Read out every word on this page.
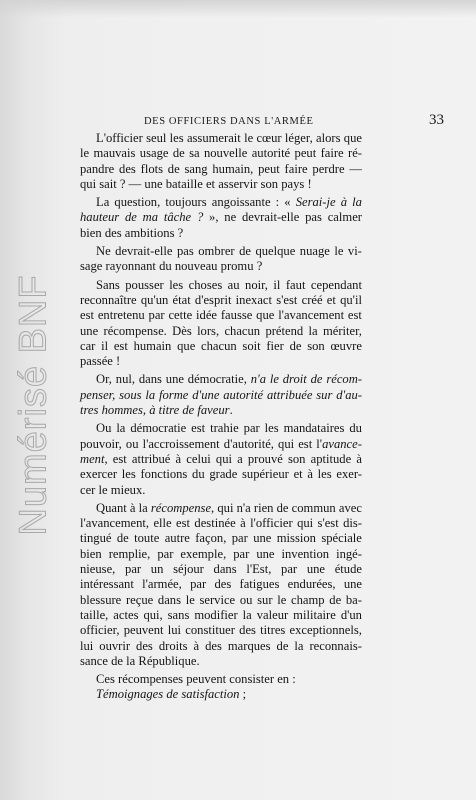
Numérisé BNF
DES OFFICIERS DANS L'ARMÉE	33
L'officier seul les assumerait le cœur léger, alors que
le mauvais usage de sa nouvelle autorité peut faire ré-
pandre des flots de sang humain, peut faire perdre —
qui sait ? — une bataille et asservir son pays !
La question, toujours angoissante : « Serai-je à la
hauteur de ma tâche ? », ne devrait-elle pas calmer
bien des ambitions ?
Ne devrait-elle pas ombrer de quelque nuage le vi-
sage rayonnant du nouveau promu ?
Sans pousser les choses au noir, il faut cependant
reconnaître qu'un état d'esprit inexact s'est créé et qu'il
est entretenu par cette idée fausse que l'avancement est
une récompense. Dès lors, chacun prétend la mériter,
car il est humain que chacun soit fier de son œuvre
passée !
Or, nul, dans une démocratie, n'a le droit de récom-
penser, sous la forme d'une autorité attribuée sur d'au-
tres hommes, à titre de faveur.
Ou la démocratie est trahie par les mandataires du
pouvoir, ou l'accroissement d'autorité, qui est l'avance-
ment, est attribué à celui qui a prouvé son aptitude à
exercer les fonctions du grade supérieur et à les exer-
cer le mieux.
Quant à la récompense, qui n'a rien de commun avec
l'avancement, elle est destinée à l'officier qui s'est dis-
tingué de toute autre façon, par une mission spéciale
bien remplie, par exemple, par une invention ingé-
nieuse, par un séjour dans l'Est, par une étude
intéressant l'armée, par des fatigues endurées, une
blessure reçue dans le service ou sur le champ de ba-
taille, actes qui, sans modifier la valeur militaire d'un
officier, peuvent lui constituer des titres exceptionnels,
lui ouvrir des droits à des marques de la reconnais-
sance de la République.
Ces récompenses peuvent consister en :
Témoignages de satisfaction ;
